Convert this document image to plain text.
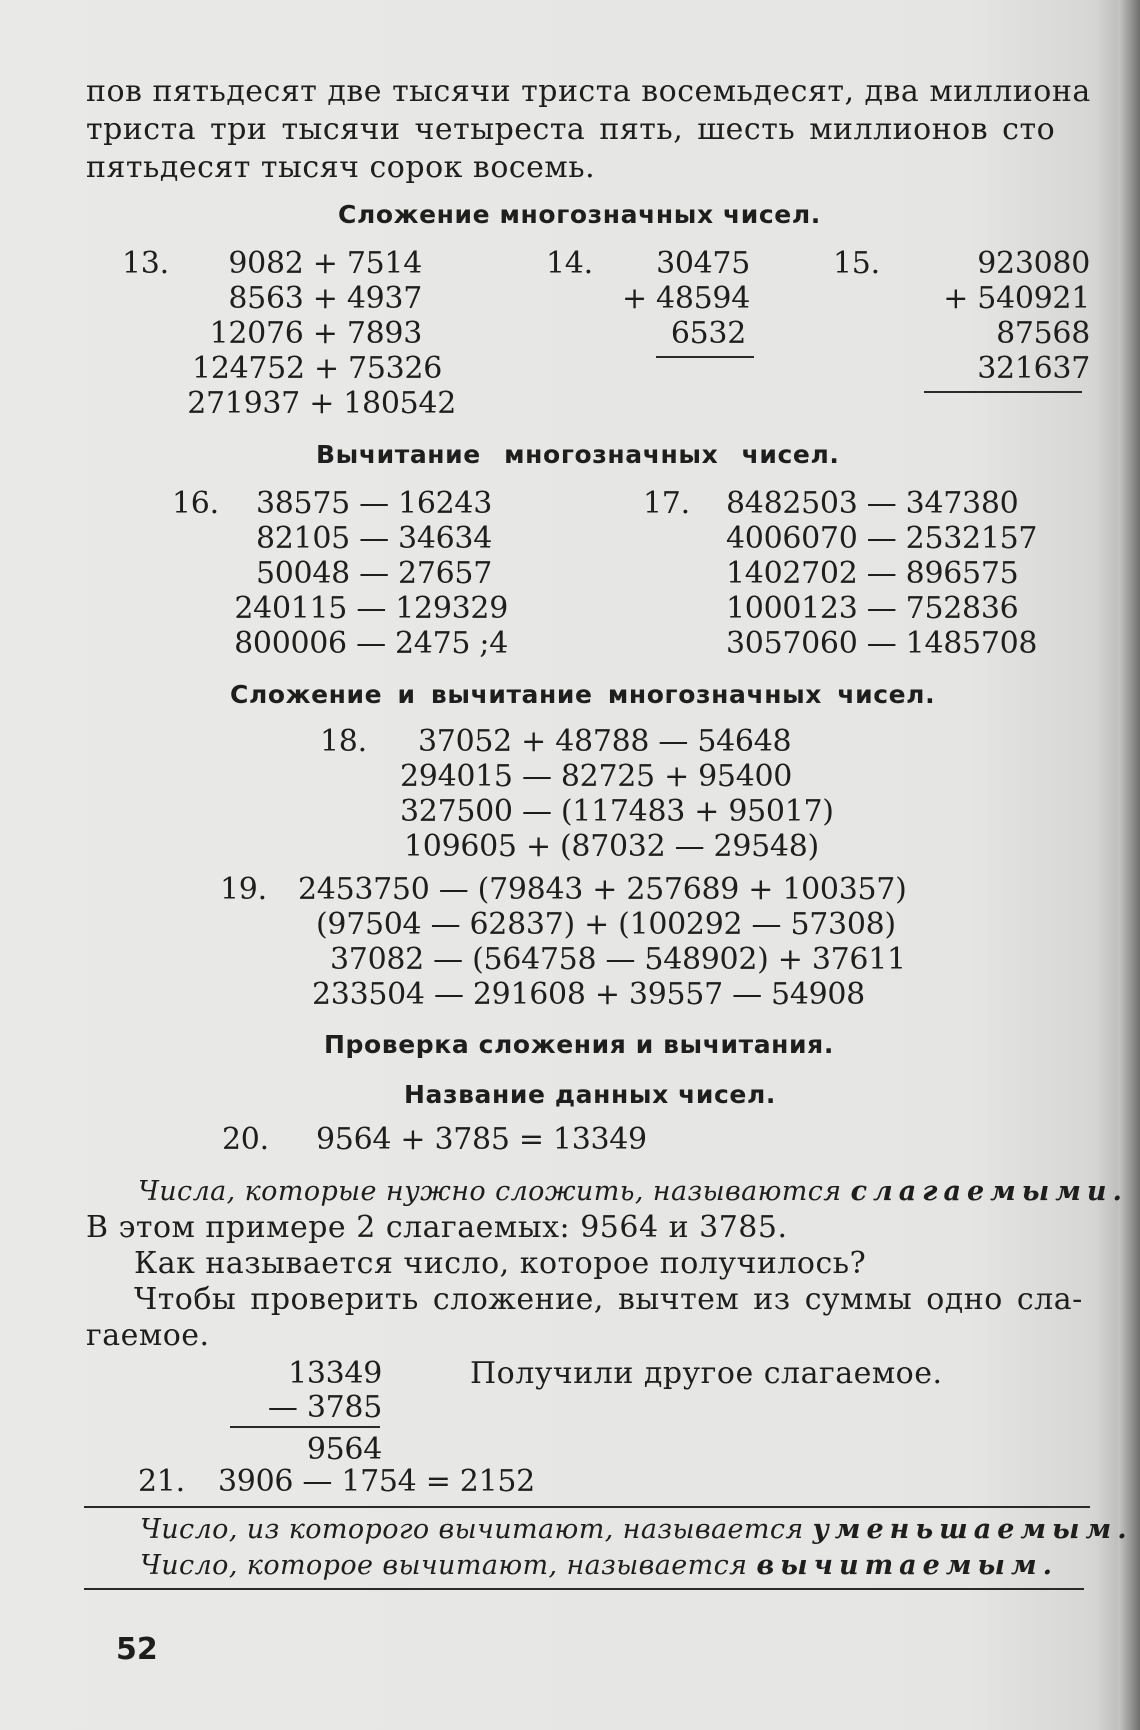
пов пятьдесят две тысячи триста восемьдесят, два миллиона
триста три тысячи четыреста пять, шесть миллионов сто
пятьдесят тысяч сорок восемь.
Сложение многозначных чисел.
13.	9082 + 7514
8563 + 4937
12076 + 7893
124752 + 75326
271937 + 180542
14.	30475
+ 48594
6532
15.	923080
+ 540921
87568
321637
Вычитание многозначных чисел.
16.	38575 — 16243
82105 — 34634
50048 — 27657
240115 — 129329
800006 — 2475 ;4
17. 8482503 — 347380
4006070 — 2532157
1402702 — 896575
1000123 — 752836
3057060 — 1485708
Сложение и вычитание многозначных чисел.
18. 37052 + 48788 — 54648
294015 — 82725 + 95400
327500 — (117483 + 95017)
109605 + (87032 — 29548)
19. 2453750 — (79843 + 257689 + 100357)
(97504 — 62837) + (100292 — 57308)
37082 — (564758 — 548902) + 37611
233504 — 291608 + 39557 — 54908
Проверка сложения и вычитания.
Название данных чисел.
20. 9564 + 3785 = 13349
Числа, которые нужно сложить, называются слагаемыми.
В этом примере 2 слагаемых: 9564 и 3785.
Как называется число, которое получилось?
Чтобы проверить сложение, вычтем из суммы одно сла-
гаемое.
13349
— 3785
9564
Получили другое слагаемое.
21. 3906 — 1754 = 2152
Число, из которого вычитают, называется уменьшаемым.
Число, которое вычитают, называется вычитаемым.
52
